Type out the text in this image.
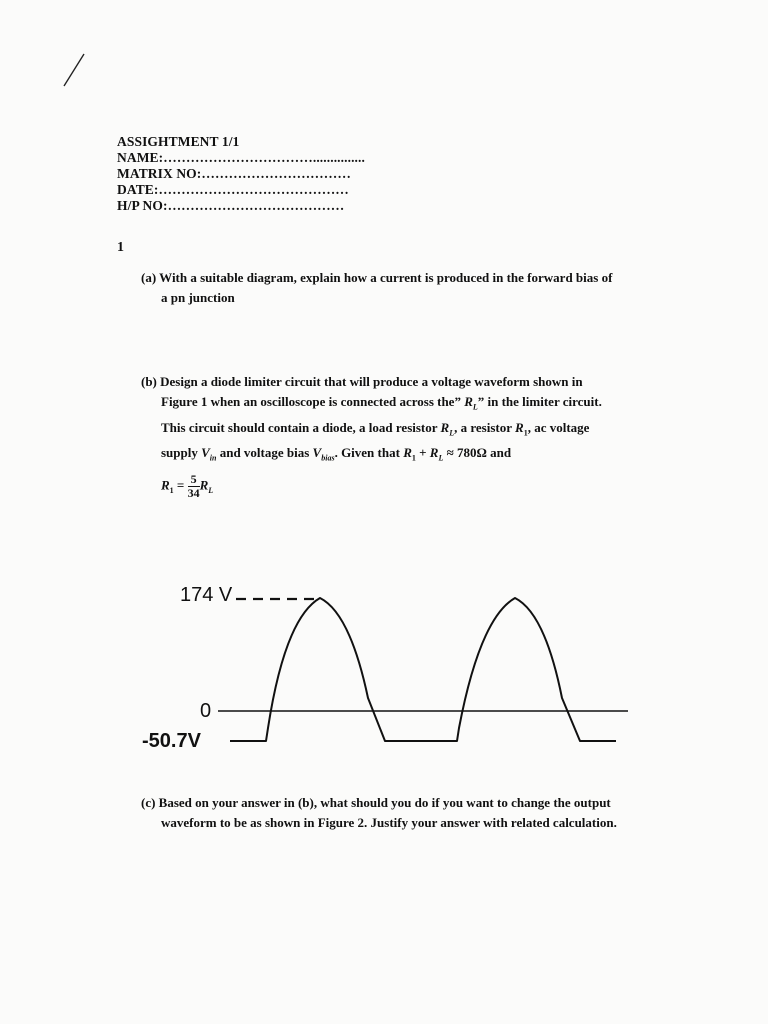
ASSIGHTMENT 1/1
NAME:……………………………...............
MATRIX NO:……………………………
DATE:……………………………………
H/P NO:…………………………………
1
(a) With a suitable diagram, explain how a current is produced in the forward bias of
a pn junction
(b) Design a diode limiter circuit that will produce a voltage waveform shown in
Figure 1 when an oscilloscope is connected across the” $R_L$” in the limiter circuit.
This circuit should contain a diode, a load resistor $R_L$, a resistor $R_1$, ac voltage
supply $V_{in}$ and voltage bias $V_{bias}$. Given that $R_1 + R_L \approx 780\Omega$ and
$R_1 = \frac{5}{34} R_L$
174 V
0
-50.7V
(c) Based on your answer in (b), what should you do if you want to change the output
waveform to be as shown in Figure 2. Justify your answer with related calculation.
